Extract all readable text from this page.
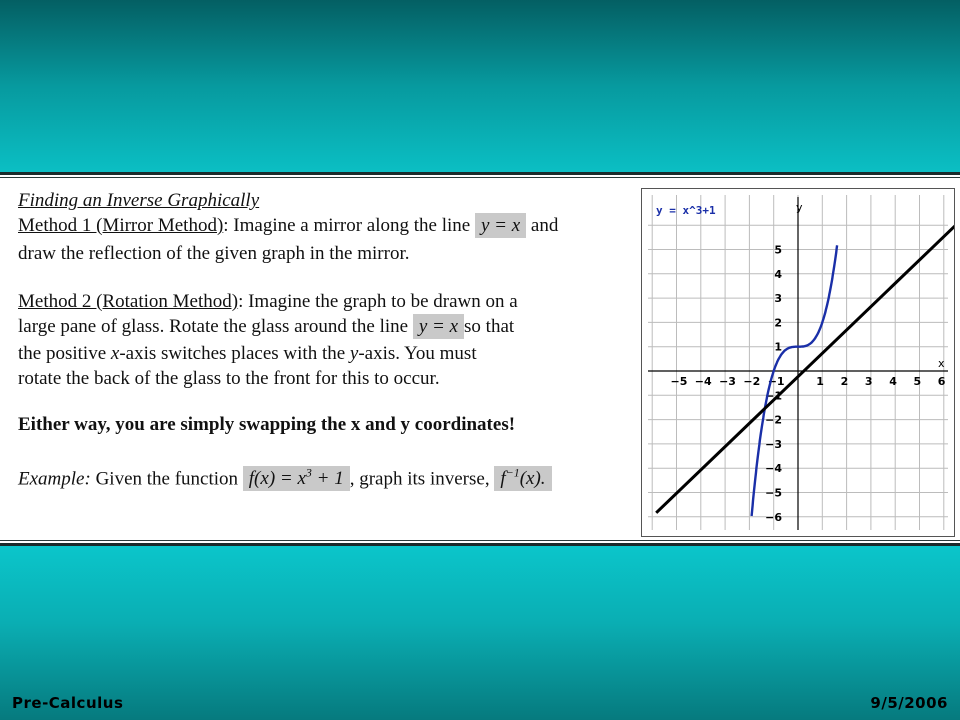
Finding an Inverse Graphically
Method 1 (Mirror Method): Imagine a mirror along the line y = x and
draw the reflection of the given graph in the mirror.
Method 2 (Rotation Method): Imagine the graph to be drawn on a
large pane of glass. Rotate the glass around the line y = x so that
the positive x-axis switches places with the y-axis. You must
rotate the back of the glass to the front for this to occur.
Either way, you are simply swapping the x and y coordinates!
Example: Given the function $f(x) = x^3 + 1$ , graph its inverse, $f^{-1}(x)$.
x
y
−5 −4 −3 −2 −1	1 2 3 4 5 6
5
4
3
2
1
−1
−2
−3
−4
−5
−6
y = x^3+1
Pre-Calculus	9/5/2006
